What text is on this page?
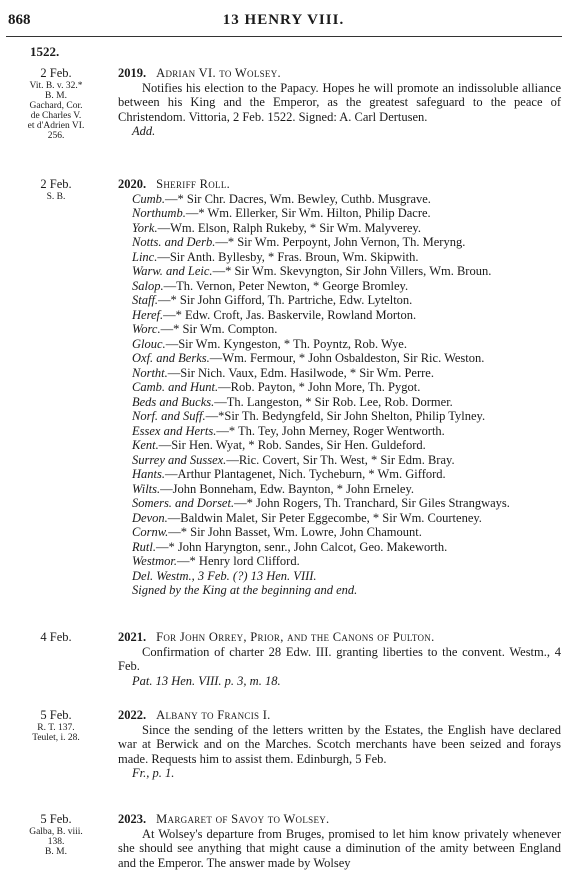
868	13 HENRY VIII.
1522.
2 Feb.
Vit. B. v. 32.*
B. M.
Gachard, Cor.
de Charles V.
et d'Adrien VI.
256.
2019. Adrian VI. to Wolsey.

Notifies his election to the Papacy. Hopes he will promote an indissoluble alliance between his King and the Emperor, as the greatest safeguard to the peace of Christendom. Vittoria, 2 Feb. 1522. Signed: A. Carl Dertusen.

Add.
2 Feb.
S. B.
2020. Sheriff Roll.
Cumb.—* Sir Chr. Dacres, Wm. Bewley, Cuthb. Musgrave.
Northumb.—* Wm. Ellerker, Sir Wm. Hilton, Philip Dacre.
York.—Wm. Elson, Ralph Rukeby, * Sir Wm. Malyverey.
Notts. and Derb.—* Sir Wm. Perpoynt, John Vernon, Th. Meryng.
Linc.—Sir Anth. Byllesby, * Fras. Broun, Wm. Skipwith.
Warw. and Leic.—* Sir Wm. Skevyngton, Sir John Villers, Wm. Broun.
Salop.—Th. Vernon, Peter Newton, * George Bromley.
Staff.—* Sir John Gifford, Th. Partriche, Edw. Lytelton.
Heref.—* Edw. Croft, Jas. Baskervile, Rowland Morton.
Worc.—* Sir Wm. Compton.
Glouc.—Sir Wm. Kyngeston, * Th. Poyntz, Rob. Wye.
Oxf. and Berks.—Wm. Fermour, * John Osbaldeston, Sir Ric. Weston.
Northt.—Sir Nich. Vaux, Edm. Hasilwode, * Sir Wm. Perre.
Camb. and Hunt.—Rob. Payton, * John More, Th. Pygot.
Beds and Bucks.—Th. Langeston, * Sir Rob. Lee, Rob. Dormer.
Norf. and Suff.—*Sir Th. Bedyngfeld, Sir John Shelton, Philip Tylney.
Essex and Herts.—* Th. Tey, John Merney, Roger Wentworth.
Kent.—Sir Hen. Wyat, * Rob. Sandes, Sir Hen. Guldeford.
Surrey and Sussex.—Ric. Covert, Sir Th. West, * Sir Edm. Bray.
Hants.—Arthur Plantagenet, Nich. Tycheburn, * Wm. Gifford.
Wilts.—John Bonneham, Edw. Baynton, * John Erneley.
Somers. and Dorset.—* John Rogers, Th. Tranchard, Sir Giles Strangways.
Devon.—Baldwin Malet, Sir Peter Eggecombe, * Sir Wm. Courteney.
Cornw.—* Sir John Basset, Wm. Lowre, John Chamount.
Rutl.—* John Haryngton, senr., John Calcot, Geo. Makeworth.
Westmor.—* Henry lord Clifford.
Del. Westm., 3 Feb. (?) 13 Hen. VIII.
Signed by the King at the beginning and end.
4 Feb.	2021. For John Orrey, Prior, and the Canons of Pulton.

Confirmation of charter 28 Edw. III. granting liberties to the convent. Westm., 4 Feb.

Pat. 13 Hen. VIII. p. 3, m. 18.
5 Feb.
R. T. 137.
Teulet, i. 28.
2022. Albany to Francis I.

Since the sending of the letters written by the Estates, the English have declared war at Berwick and on the Marches. Scotch merchants have been seized and forays made. Requests him to assist them. Edinburgh, 5 Feb.

Fr., p. 1.
5 Feb.
Galba, B. viii.
138.
B. M.
2023. Margaret of Savoy to Wolsey.

At Wolsey's departure from Bruges, promised to let him know privately whenever she should see anything that might cause a diminution of the amity between England and the Emperor. The answer made by Wolsey
